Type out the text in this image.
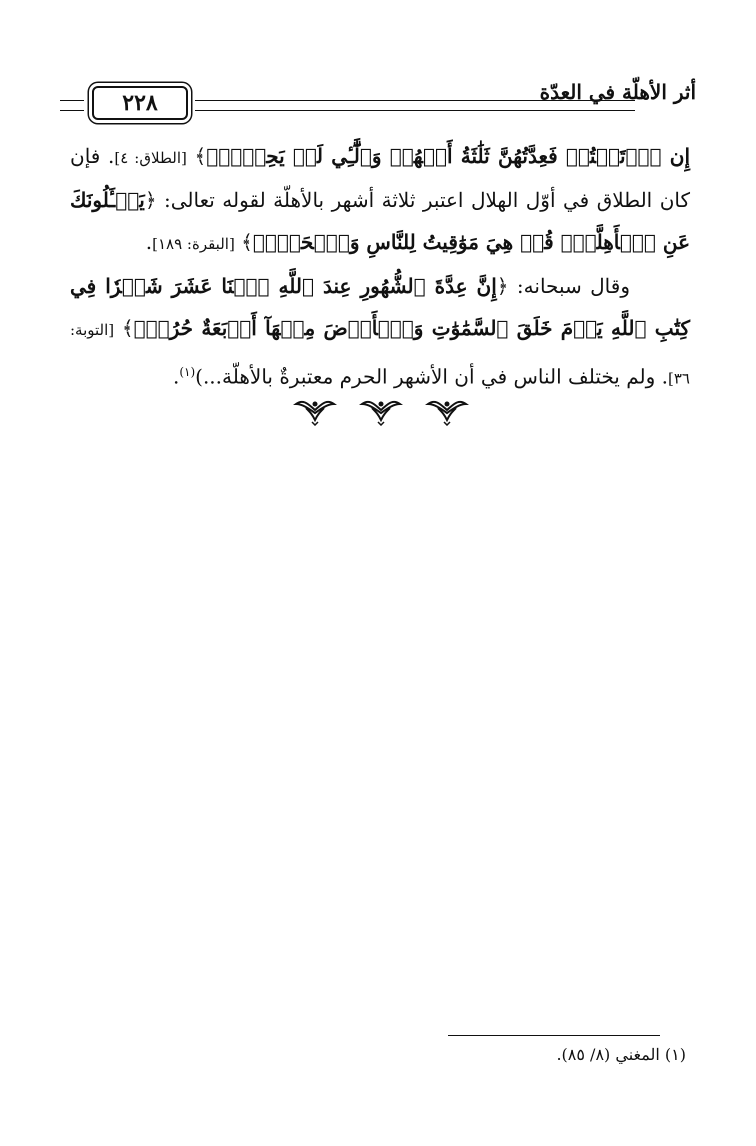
أثر الأهلّة في العدّة
٢٢٨

إِن ٱرۡتَبۡتُمۡ فَعِدَّتُهُنَّ ثَلَٰثَةُ أَشۡهُرٖ وَٱلَّٰٓـِٔي لَمۡ يَحِضۡنَۚ﴾ [الطلاق: ٤]. فإن كان الطلاق في أوّل الهلال اعتبر ثلاثة أشهر بالأهلّة لقوله تعالى: ﴿يَسۡـَٔلُونَكَ عَنِ ٱلۡأَهِلَّةِۖ قُلۡ هِيَ مَوَٰقِيتُ لِلنَّاسِ وَٱلۡحَجِّۗ﴾ [البقرة: ١٨٩].

وقال سبحانه: ﴿إِنَّ عِدَّةَ ٱلشُّهُورِ عِندَ ٱللَّهِ ٱثۡنَا عَشَرَ شَهۡرٗا فِي كِتَٰبِ ٱللَّهِ يَوۡمَ خَلَقَ ٱلسَّمَٰوَٰتِ وَٱلۡأَرۡضَ مِنۡهَآ أَرۡبَعَةٌ حُرُمٞۚ﴾ [التوبة: ٣٦]. ولم يختلف الناس في أن الأشهر الحرم معتبرةٌ بالأهلّة...)$^{(١)}$.

(١) المغني (٨/ ٨٥).
